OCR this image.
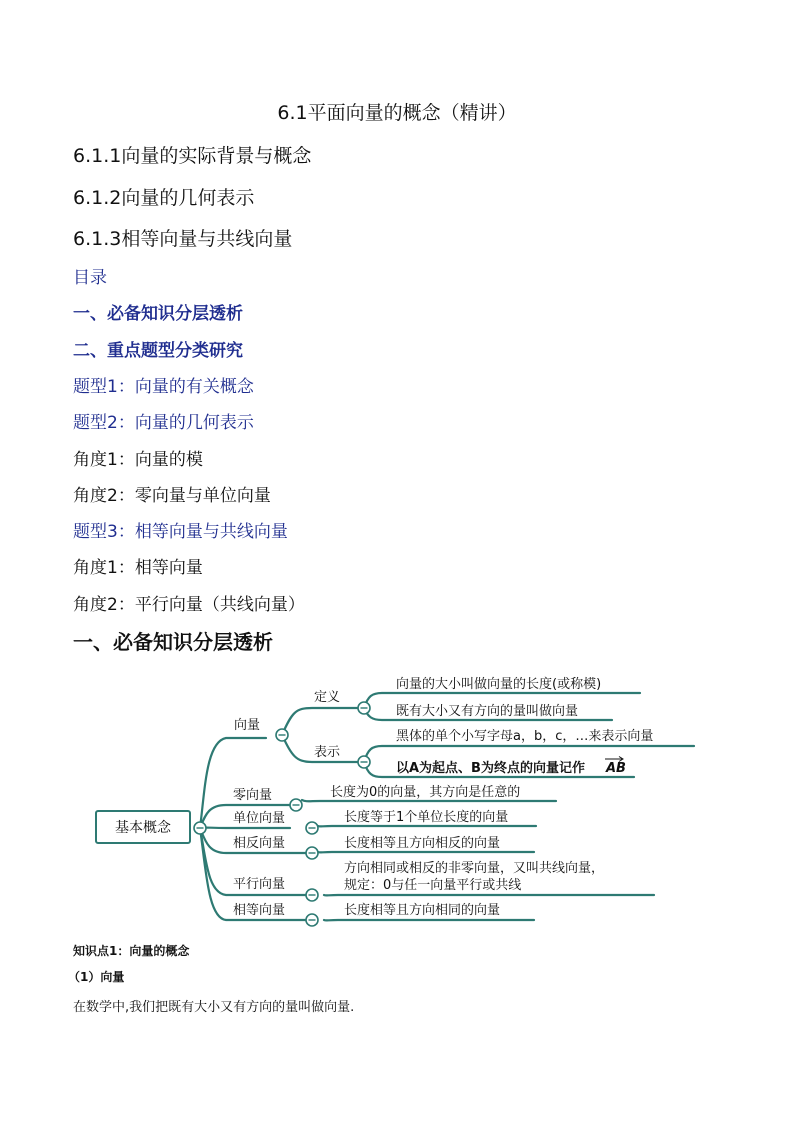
6.1平面向量的概念（精讲）
6.1.1向量的实际背景与概念
6.1.2向量的几何表示
6.1.3相等向量与共线向量
目录
一、必备知识分层透析
二、重点题型分类研究
题型1：向量的有关概念
题型2：向量的几何表示
角度1：向量的模
角度2：零向量与单位向量
题型3：相等向量与共线向量
角度1：相等向量
角度2：平行向量（共线向量）
一、必备知识分层透析
基本概念
向量
定义
表示
向量的大小叫做向量的长度(或称模)
既有大小又有方向的量叫做向量
黑体的单个小写字母a，b，c，…来表示向量
以A为起点、B为终点的向量记作 AB
零向量	长度为0的向量，其方向是任意的
单位向量	长度等于1个单位长度的向量
相反向量	长度相等且方向相反的向量
平行向量
方向相同或相反的非零向量，又叫共线向量，
规定：0与任一向量平行或共线
相等向量	长度相等且方向相同的向量
知识点1：向量的概念
（1）向量
在数学中,我们把既有大小又有方向的量叫做向量.
